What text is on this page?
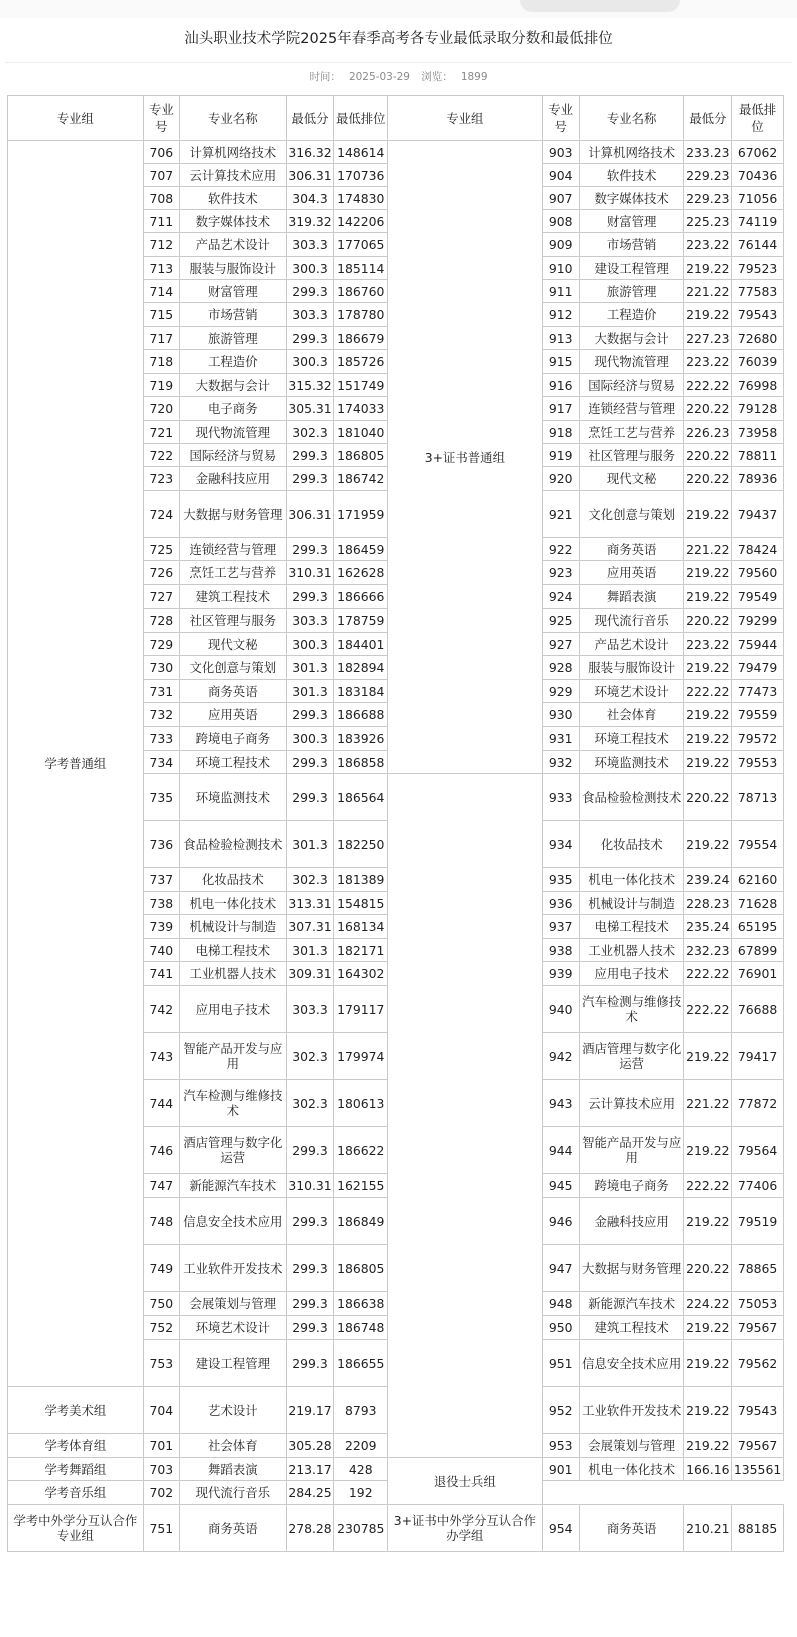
汕头职业技术学院2025年春季高考各专业最低录取分数和最低排位
时间： 2025-03-29 浏览： 1899
专业组	专业号	专业名称	最低分	最低排位	专业组	专业号	专业名称	最低分	最低排位
学考普通组	706	计算机网络技术	316.32	148614	3+证书普通组	903	计算机网络技术	233.23	67062
	707	云计算技术应用	306.31	170736		904	软件技术	229.23	70436
	708	软件技术	304.3	174830		907	数字媒体技术	229.23	71056
	711	数字媒体技术	319.32	142206		908	财富管理	225.23	74119
	712	产品艺术设计	303.3	177065		909	市场营销	223.22	76144
	713	服装与服饰设计	300.3	185114		910	建设工程管理	219.22	79523
	714	财富管理	299.3	186760		911	旅游管理	221.22	77583
	715	市场营销	303.3	178780		912	工程造价	219.22	79543
	717	旅游管理	299.3	186679		913	大数据与会计	227.23	72680
	718	工程造价	300.3	185726		915	现代物流管理	223.22	76039
	719	大数据与会计	315.32	151749		916	国际经济与贸易	222.22	76998
	720	电子商务	305.31	174033		917	连锁经营与管理	220.22	79128
	721	现代物流管理	302.3	181040		918	烹饪工艺与营养	226.23	73958
	722	国际经济与贸易	299.3	186805		919	社区管理与服务	220.22	78811
	723	金融科技应用	299.3	186742		920	现代文秘	220.22	78936
	724	大数据与财务管理	306.31	171959		921	文化创意与策划	219.22	79437
	725	连锁经营与管理	299.3	186459		922	商务英语	221.22	78424
	726	烹饪工艺与营养	310.31	162628		923	应用英语	219.22	79560
	727	建筑工程技术	299.3	186666		924	舞蹈表演	219.22	79549
	728	社区管理与服务	303.3	178759		925	现代流行音乐	220.22	79299
	729	现代文秘	300.3	184401		927	产品艺术设计	223.22	75944
	730	文化创意与策划	301.3	182894		928	服装与服饰设计	219.22	79479
	731	商务英语	301.3	183184		929	环境艺术设计	222.22	77473
	732	应用英语	299.3	186688		930	社会体育	219.22	79559
	733	跨境电子商务	300.3	183926		931	环境工程技术	219.22	79572
	734	环境工程技术	299.3	186858		932	环境监测技术	219.22	79553
	735	环境监测技术	299.3	186564		933	食品检验检测技术	220.22	78713
	736	食品检验检测技术	301.3	182250		934	化妆品技术	219.22	79554
	737	化妆品技术	302.3	181389		935	机电一体化技术	239.24	62160
	738	机电一体化技术	313.31	154815		936	机械设计与制造	228.23	71628
	739	机械设计与制造	307.31	168134		937	电梯工程技术	235.24	65195
	740	电梯工程技术	301.3	182171		938	工业机器人技术	232.23	67899
	741	工业机器人技术	309.31	164302		939	应用电子技术	222.22	76901
	742	应用电子技术	303.3	179117		940	汽车检测与维修技术	222.22	76688
	743	智能产品开发与应用	302.3	179974		942	酒店管理与数字化运营	219.22	79417
	744	汽车检测与维修技术	302.3	180613		943	云计算技术应用	221.22	77872
	746	酒店管理与数字化运营	299.3	186622		944	智能产品开发与应用	219.22	79564
	747	新能源汽车技术	310.31	162155		945	跨境电子商务	222.22	77406
	748	信息安全技术应用	299.3	186849		946	金融科技应用	219.22	79519
	749	工业软件开发技术	299.3	186805		947	大数据与财务管理	220.22	78865
	750	会展策划与管理	299.3	186638		948	新能源汽车技术	224.22	75053
	752	环境艺术设计	299.3	186748		950	建筑工程技术	219.22	79567
	753	建设工程管理	299.3	186655		951	信息安全技术应用	219.22	79562
学考美术组	704	艺术设计	219.17	8793		952	工业软件开发技术	219.22	79543
学考体育组	701	社会体育	305.28	2209		953	会展策划与管理	219.22	79567
学考舞蹈组	703	舞蹈表演	213.17	428	退役士兵组	901	机电一体化技术	166.16	135561
学考音乐组	702	现代流行音乐	284.25	192					
学考中外学分互认合作专业组	751	商务英语	278.28	230785	3+证书中外学分互认合作办学组	954	商务英语	210.21	88185
